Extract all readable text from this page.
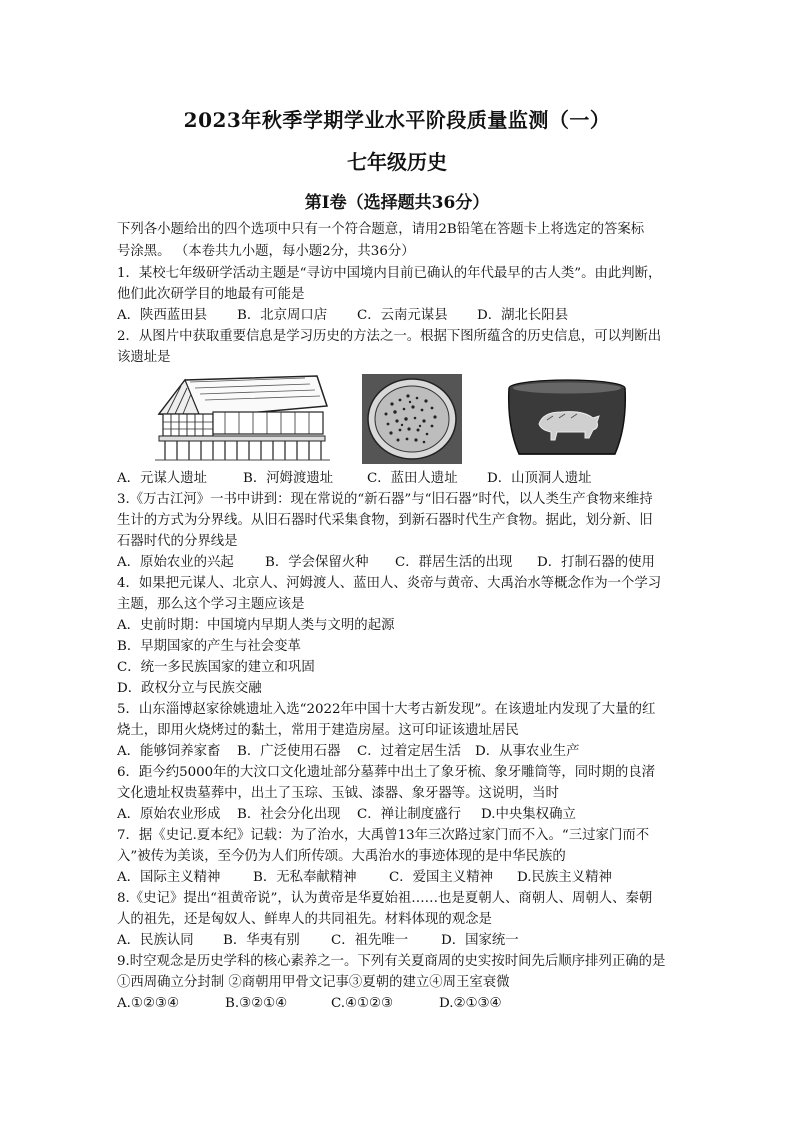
2023年秋季学期学业水平阶段质量监测（一）
七年级历史
第Ⅰ卷（选择题共36分）
下列各小题给出的四个选项中只有一个符合题意，请用2B铅笔在答题卡上将选定的答案标
号涂黑。 （本卷共九小题，每小题2分，共36分）
1．某校七年级研学活动主题是“寻访中国境内目前已确认的年代最早的古人类”。由此判断，
他们此次研学目的地最有可能是
A．陕西蓝田县 B．北京周口店 C．云南元谋县 D．湖北长阳县
2．从图片中获取重要信息是学习历史的方法之一。根据下图所蕴含的历史信息，可以判断出
该遗址是
A．元谋人遗址	B．河姆渡遗址	C．蓝田人遗址 D．山顶洞人遗址
3.《万古江河》一书中讲到：现在常说的“新石器”与“旧石器”时代，以人类生产食物来维持
生计的方式为分界线。从旧石器时代采集食物，到新石器时代生产食物。据此，划分新、旧
石器时代的分界线是
A．原始农业的兴起 B．学会保留火种 C．群居生活的出现 D．打制石器的使用
4．如果把元谋人、北京人、河姆渡人、蓝田人、炎帝与黄帝、大禹治水等概念作为一个学习
主题，那么这个学习主题应该是
A．史前时期：中国境内早期人类与文明的起源
B．早期国家的产生与社会变革
C．统一多民族国家的建立和巩固
D．政权分立与民族交融
5．山东淄博赵家徐姚遗址入选“2022年中国十大考古新发现”。在该遗址内发现了大量的红
烧土，即用火烧烤过的黏土，常用于建造房屋。这可印证该遗址居民
A．能够饲养家畜 B．广泛使用石器 C．过着定居生活 D．从事农业生产
6．距今约5000年的大汶口文化遗址部分墓葬中出土了象牙梳、象牙雕筒等，同时期的良渚
文化遗址权贵墓葬中，出土了玉琮、玉钺、漆器、象牙器等。这说明，当时
A．原始农业形成 B．社会分化出现 C．禅让制度盛行 D.中央集权确立
7．据《史记.夏本纪》记载：为了治水，大禹曾13年三次路过家门而不入。“三过家门而不
入”被传为美谈，至今仍为人们所传颂。大禹治水的事迹体现的是中华民族的
A．国际主义精神 B．无私奉献精神 C．爱国主义精神 D.民族主义精神
8.《史记》提出“祖黄帝说”，认为黄帝是华夏始祖……也是夏朝人、商朝人、周朝人、秦朝
人的祖先，还是匈奴人、鲜卑人的共同祖先。材料体现的观念是
A．民族认同 B．华夷有别 C．祖先唯一 D．国家统一
9.时空观念是历史学科的核心素养之一。下列有关夏商周的史实按时间先后顺序排列正确的是
①西周确立分封制 ②商朝用甲骨文记事③夏朝的建立④周王室衰微
A.①②③④	B.③②①④	C.④①②③	D.②①③④
